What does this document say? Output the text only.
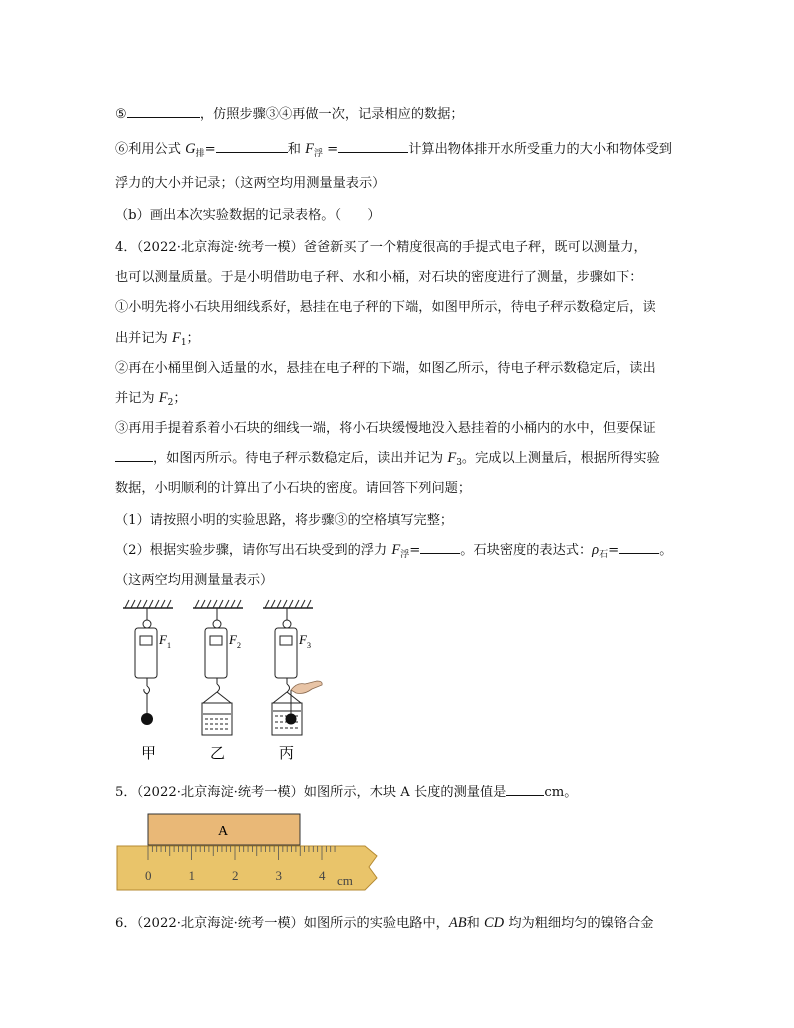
⑤	，仿照步骤③④再做一次，记录相应的数据；
⑥利用公式 $G_排=$	和 $F_浮$ =	计算出物体排开水所受重力的大小和物体受到
浮力的大小并记录；（这两空均用测量量表示）
（b）画出本次实验数据的记录表格。（　　）
4．（2022·北京海淀·统考一模）爸爸新买了一个精度很高的手提式电子秤，既可以测量力，
也可以测量质量。于是小明借助电子秤、水和小桶，对石块的密度进行了测量，步骤如下：
①小明先将小石块用细线系好，悬挂在电子秤的下端，如图甲所示，待电子秤示数稳定后，读
出并记为 $F_1$；
②再在小桶里倒入适量的水，悬挂在电子秤的下端，如图乙所示，待电子秤示数稳定后，读出
并记为 $F_2$；
③再用手提着系着小石块的细线一端，将小石块缓慢地没入悬挂着的小桶内的水中，但要保证
，如图丙所示。待电子秤示数稳定后，读出并记为 $F_3$。完成以上测量后，根据所得实验
数据，小明顺利的计算出了小石块的密度。请回答下列问题；
（1）请按照小明的实验思路，将步骤③的空格填写完整；
（2）根据实验步骤，请你写出石块受到的浮力 $F_浮=$	。石块密度的表达式：$\rho_石=$	。
（这两空均用测量量表示）
F 1
甲
F 2
乙
F 3
丙
5．（2022·北京海淀·统考一模）如图所示，木块 A 长度的测量值是	cm。
A
0	1	2	3	4 cm
6．（2022·北京海淀·统考一模）如图所示的实验电路中，AB和 CD 均为粗细均匀的镍铬合金
